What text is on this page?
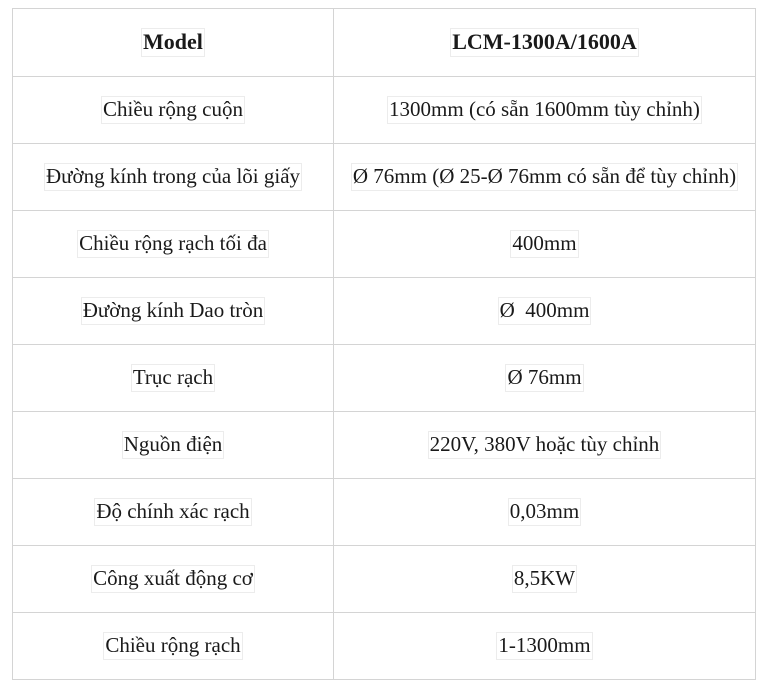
Model	LCM-1300A/1600A
Chiều rộng cuộn	1300mm (có sẵn 1600mm tùy chỉnh)
Đường kính trong của lõi giấy	Ø 76mm (Ø 25-Ø 76mm có sẵn để tùy chỉnh)
Chiều rộng rạch tối đa	400mm
Đường kính Dao tròn	Ø  400mm
Trục rạch	Ø 76mm
Nguồn điện	220V, 380V hoặc tùy chỉnh
Độ chính xác rạch	0,03mm
Công xuất động cơ	8,5KW
Chiều rộng rạch	1-1300mm
